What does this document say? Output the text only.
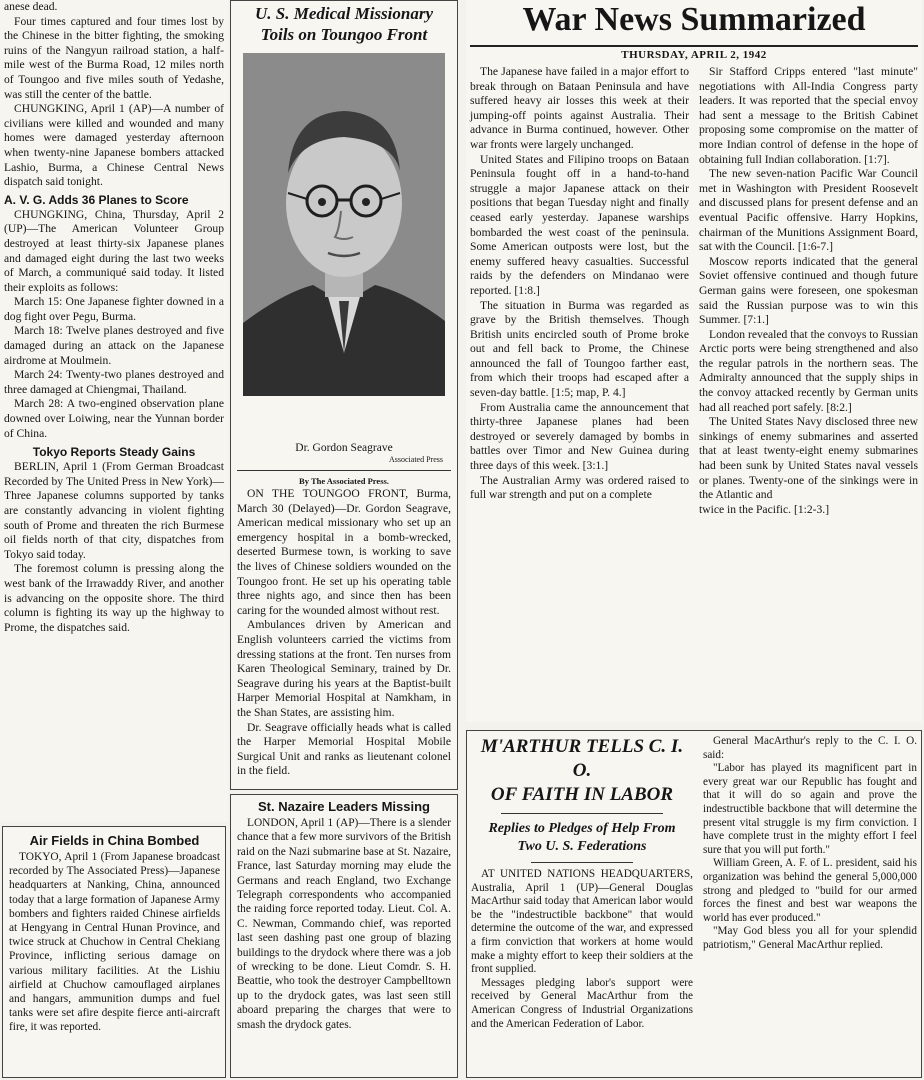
anese dead.

Four times captured and four times lost by the Chinese in the bitter fighting, the smoking ruins of the Nangyun railroad station, a half-mile west of the Burma Road, 12 miles north of Toungoo and five miles south of Yedashe, was still the center of the battle.

CHUNGKING, April 1 (AP)—A number of civilians were killed and wounded and many homes were damaged yesterday afternoon when twenty-nine Japanese bombers attacked Lashio, Burma, a Chinese Central News dispatch said tonight.

A. V. G. Adds 36 Planes to Score

CHUNGKING, China, Thursday, April 2 (UP)—The American Volunteer Group destroyed at least thirty-six Japanese planes and damaged eight during the last two weeks of March, a communiqué said today. It listed their exploits as follows:

March 15: One Japanese fighter downed in a dog fight over Pegu, Burma.

March 18: Twelve planes destroyed and five damaged during an attack on the Japanese airdrome at Moulmein.

March 24: Twenty-two planes destroyed and three damaged at Chiengmai, Thailand.

March 28: A two-engined observation plane downed over Loiwing, near the Yunnan border of China.

Tokyo Reports Steady Gains

BERLIN, April 1 (From German Broadcast Recorded by The United Press in New York)—Three Japanese columns supported by tanks are constantly advancing in violent fighting south of Prome and threaten the rich Burmese oil fields north of that city, dispatches from Tokyo said today.

The foremost column is pressing along the west bank of the Irrawaddy River, and another is advancing on the opposite shore. The third column is fighting its way up the highway to Prome, the dispatches said.

Air Fields in China Bombed

TOKYO, April 1 (From Japanese broadcast recorded by The Associated Press)—Japanese headquarters at Nanking, China, announced today that a large formation of Japanese Army bombers and fighters raided Chinese airfields at Hengyang in Central Hunan Province, and twice struck at Chuchow in Central Chekiang Province, inflicting serious damage on various military facilities. At the Lishiu airfield at Chuchow camouflaged airplanes and hangars, ammunition dumps and fuel tanks were set afire despite fierce anti-aircraft fire, it was reported.

U. S. Medical Missionary

Toils on Toungoo Front

Dr. Gordon Seagrave

Associated Press

By The Associated Press.

ON THE TOUNGOO FRONT, Burma, March 30 (Delayed)—Dr. Gordon Seagrave, American medical missionary who set up an emergency hospital in a bomb-wrecked, deserted Burmese town, is working to save the lives of Chinese soldiers wounded on the Toungoo front. He set up his operating table three nights ago, and since then has been caring for the wounded almost without rest.

Ambulances driven by American and English volunteers carried the victims from dressing stations at the front. Ten nurses from Karen Theological Seminary, trained by Dr. Seagrave during his years at the Baptist-built Harper Memorial Hospital at Namkham, in the Shan States, are assisting him.

Dr. Seagrave officially heads what is called the Harper Memorial Hospital Mobile Surgical Unit and ranks as lieutenant colonel in the field.

St. Nazaire Leaders Missing

LONDON, April 1 (AP)—There is a slender chance that a few more survivors of the British raid on the Nazi submarine base at St. Nazaire, France, last Saturday morning may elude the Germans and reach England, two Exchange Telegraph correspondents who accompanied the raiding force reported today. Lieut. Col. A. C. Newman, Commando chief, was reported last seen dashing past one group of blazing buildings to the drydock where there was a job of wrecking to be done. Lieut Comdr. S. H. Beattie, who took the destroyer Campbelltown up to the drydock gates, was last seen still aboard preparing the charges that were to smash the drydock gates.

War News Summarized

THURSDAY, APRIL 2, 1942

The Japanese have failed in a major effort to break through on Bataan Peninsula and have suffered heavy air losses this week at their jumping-off points against Australia. Their advance in Burma continued, however. Other war fronts were largely unchanged.

United States and Filipino troops on Bataan Peninsula fought off in a hand-to-hand struggle a major Japanese attack on their positions that began Tuesday night and finally ceased early yesterday. Japanese warships bombarded the west coast of the peninsula. Some American outposts were lost, but the enemy suffered heavy casualties. Successful raids by the defenders on Mindanao were reported. [1:8.]

The situation in Burma was regarded as grave by the British themselves. Though British units encircled south of Prome broke out and fell back to Prome, the Chinese announced the fall of Toungoo farther east, from which their troops had escaped after a seven-day battle. [1:5; map, P. 4.]

From Australia came the announcement that thirty-three Japanese planes had been destroyed or severely damaged by bombs in battles over Timor and New Guinea during three days of this week. [3:1.]

The Australian Army was ordered raised to full war strength and put on a complete

Sir Stafford Cripps entered "last minute" negotiations with All-India Congress party leaders. It was reported that the special envoy had sent a message to the British Cabinet proposing some compromise on the matter of more Indian control of defense in the hope of obtaining full Indian collaboration. [1:7].

The new seven-nation Pacific War Council met in Washington with President Roosevelt and discussed plans for present defense and an eventual Pacific offensive. Harry Hopkins, chairman of the Munitions Assignment Board, sat with the Council. [1:6-7.]

Moscow reports indicated that the general Soviet offensive continued and though future German gains were foreseen, one spokesman said the Russian purpose was to win this Summer. [7:1.]

London revealed that the convoys to Russian Arctic ports were being strengthened and also the regular patrols in the northern seas. The Admiralty announced that the supply ships in the convoy attacked recently by German units had all reached port safely. [8:2.]

The United States Navy disclosed three new sinkings of enemy submarines and asserted that at least twenty-eight enemy submarines had been sunk by United States naval vessels or planes. Twenty-one of the sinkings were in the Atlantic and

twice in the Pacific. [1:2-3.]

M'ARTHUR TELLS C. I. O.

OF FAITH IN LABOR

Replies to Pledges of Help From

Two U. S. Federations

AT UNITED NATIONS HEADQUARTERS, Australia, April 1 (UP)—General Douglas MacArthur said today that American labor would be the "indestructible backbone" that would determine the outcome of the war, and expressed a firm conviction that workers at home would make a mighty effort to keep their soldiers at the front supplied.

Messages pledging labor's support were received by General MacArthur from the American Congress of Industrial Organizations and the American Federation of Labor.

General MacArthur's reply to the C. I. O. said:

"Labor has played its magnificent part in every great war our Republic has fought and that it will do so again and prove the indestructible backbone that will determine the present vital struggle is my firm conviction. I have complete trust in the mighty effort I feel sure that you will put forth."

William Green, A. F. of L. president, said his organization was behind the general 5,000,000 strong and pledged to "build for our armed forces the finest and best war weapons the world has ever produced."

"May God bless you all for your splendid patriotism," General MacArthur replied.
